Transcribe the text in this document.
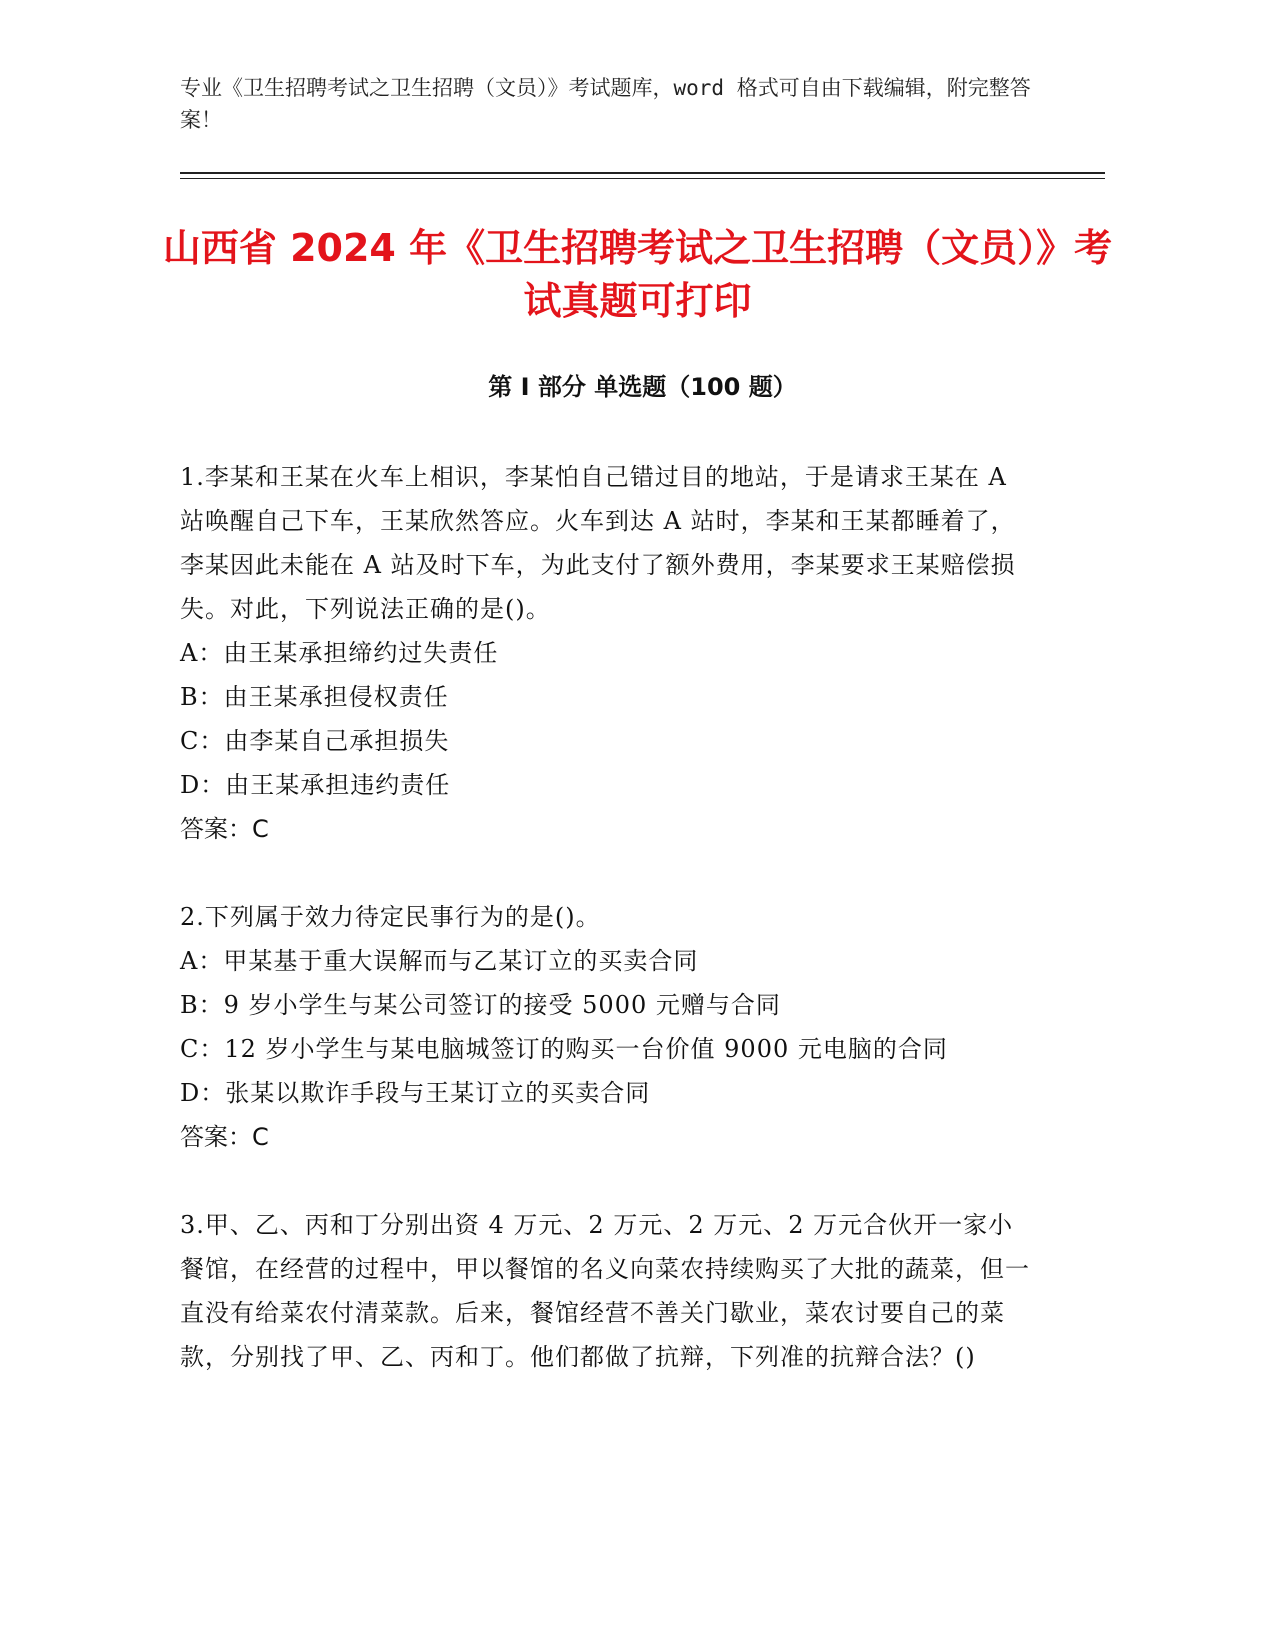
专业《卫生招聘考试之卫生招聘（文员）》考试题库，word 格式可自由下载编辑，附完整答案！
山西省 2024 年《卫生招聘考试之卫生招聘（文员）》考试真题可打印
第 I 部分 单选题（100 题）
1.李某和王某在火车上相识，李某怕自己错过目的地站，于是请求王某在 A 站唤醒自己下车，王某欣然答应。火车到达 A 站时，李某和王某都睡着了，李某因此未能在 A 站及时下车，为此支付了额外费用，李某要求王某赔偿损失。对此，下列说法正确的是()。
A：由王某承担缔约过失责任
B：由王某承担侵权责任
C：由李某自己承担损失
D：由王某承担违约责任
答案：C
2.下列属于效力待定民事行为的是()。
A：甲某基于重大误解而与乙某订立的买卖合同
B：9 岁小学生与某公司签订的接受 5000 元赠与合同
C：12 岁小学生与某电脑城签订的购买一台价值 9000 元电脑的合同
D：张某以欺诈手段与王某订立的买卖合同
答案：C
3.甲、乙、丙和丁分别出资 4 万元、2 万元、2 万元、2 万元合伙开一家小餐馆，在经营的过程中，甲以餐馆的名义向菜农持续购买了大批的蔬菜，但一直没有给菜农付清菜款。后来，餐馆经营不善关门歇业，菜农讨要自己的菜款，分别找了甲、乙、丙和丁。他们都做了抗辩，下列准的抗辩合法？()
